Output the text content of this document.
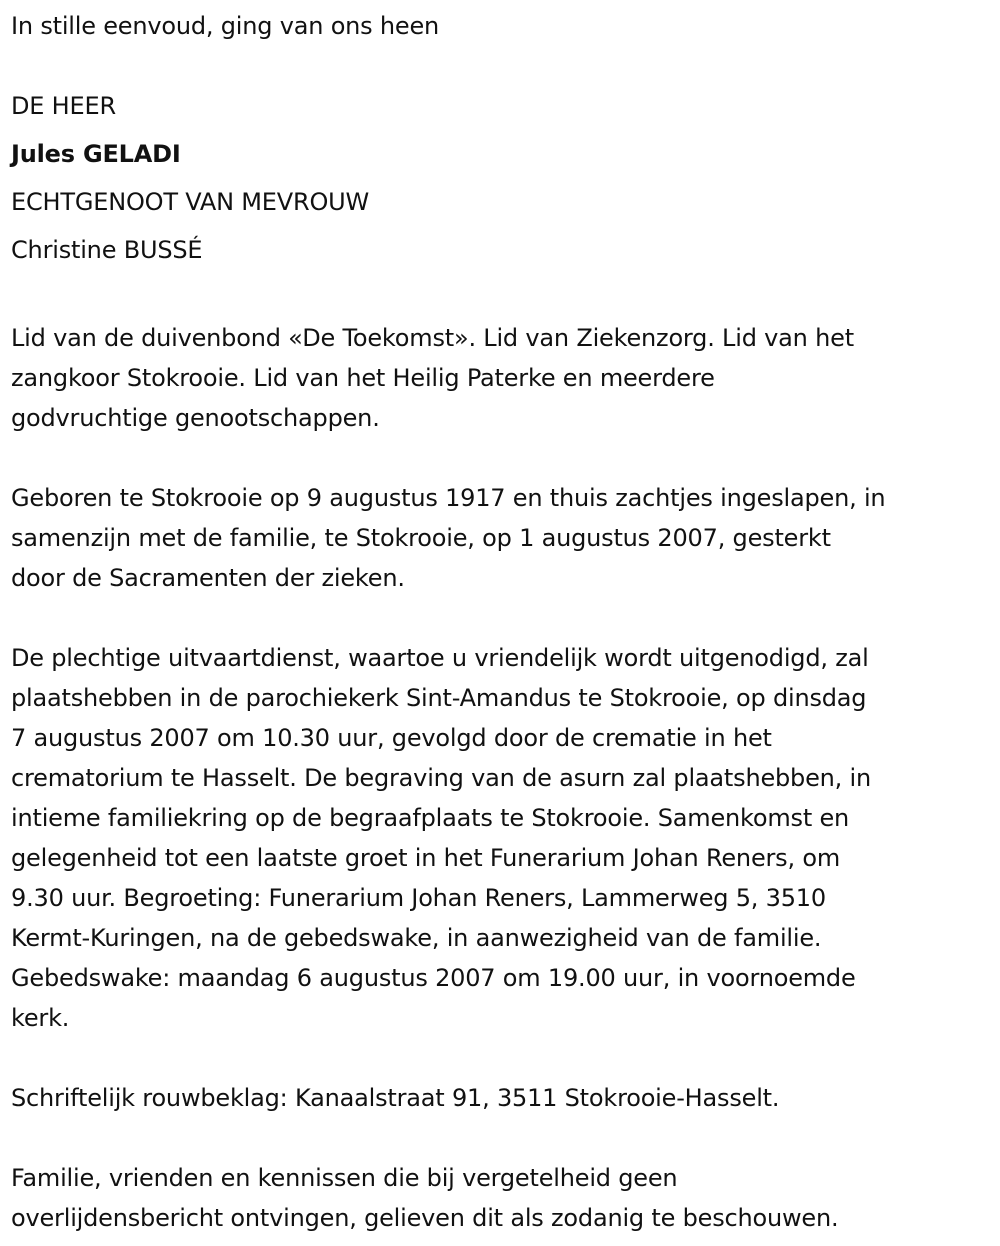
In stille eenvoud, ging van ons heen
DE HEER
Jules GELADI
ECHTGENOOT VAN MEVROUW
Christine BUSSÉ
Lid van de duivenbond «De Toekomst». Lid van Ziekenzorg. Lid van het
zangkoor Stokrooie. Lid van het Heilig Paterke en meerdere
godvruchtige genootschappen.
Geboren te Stokrooie op 9 augustus 1917 en thuis zachtjes ingeslapen, in
samenzijn met de familie, te Stokrooie, op 1 augustus 2007, gesterkt
door de Sacramenten der zieken.
De plechtige uitvaartdienst, waartoe u vriendelijk wordt uitgenodigd, zal
plaatshebben in de parochiekerk Sint-Amandus te Stokrooie, op dinsdag
7 augustus 2007 om 10.30 uur, gevolgd door de crematie in het
crematorium te Hasselt. De begraving van de asurn zal plaatshebben, in
intieme familiekring op de begraafplaats te Stokrooie. Samenkomst en
gelegenheid tot een laatste groet in het Funerarium Johan Reners, om
9.30 uur. Begroeting: Funerarium Johan Reners, Lammerweg 5, 3510
Kermt-Kuringen, na de gebedswake, in aanwezigheid van de familie.
Gebedswake: maandag 6 augustus 2007 om 19.00 uur, in voornoemde
kerk.
Schriftelijk rouwbeklag: Kanaalstraat 91, 3511 Stokrooie-Hasselt.
Familie, vrienden en kennissen die bij vergetelheid geen
overlijdensbericht ontvingen, gelieven dit als zodanig te beschouwen.
